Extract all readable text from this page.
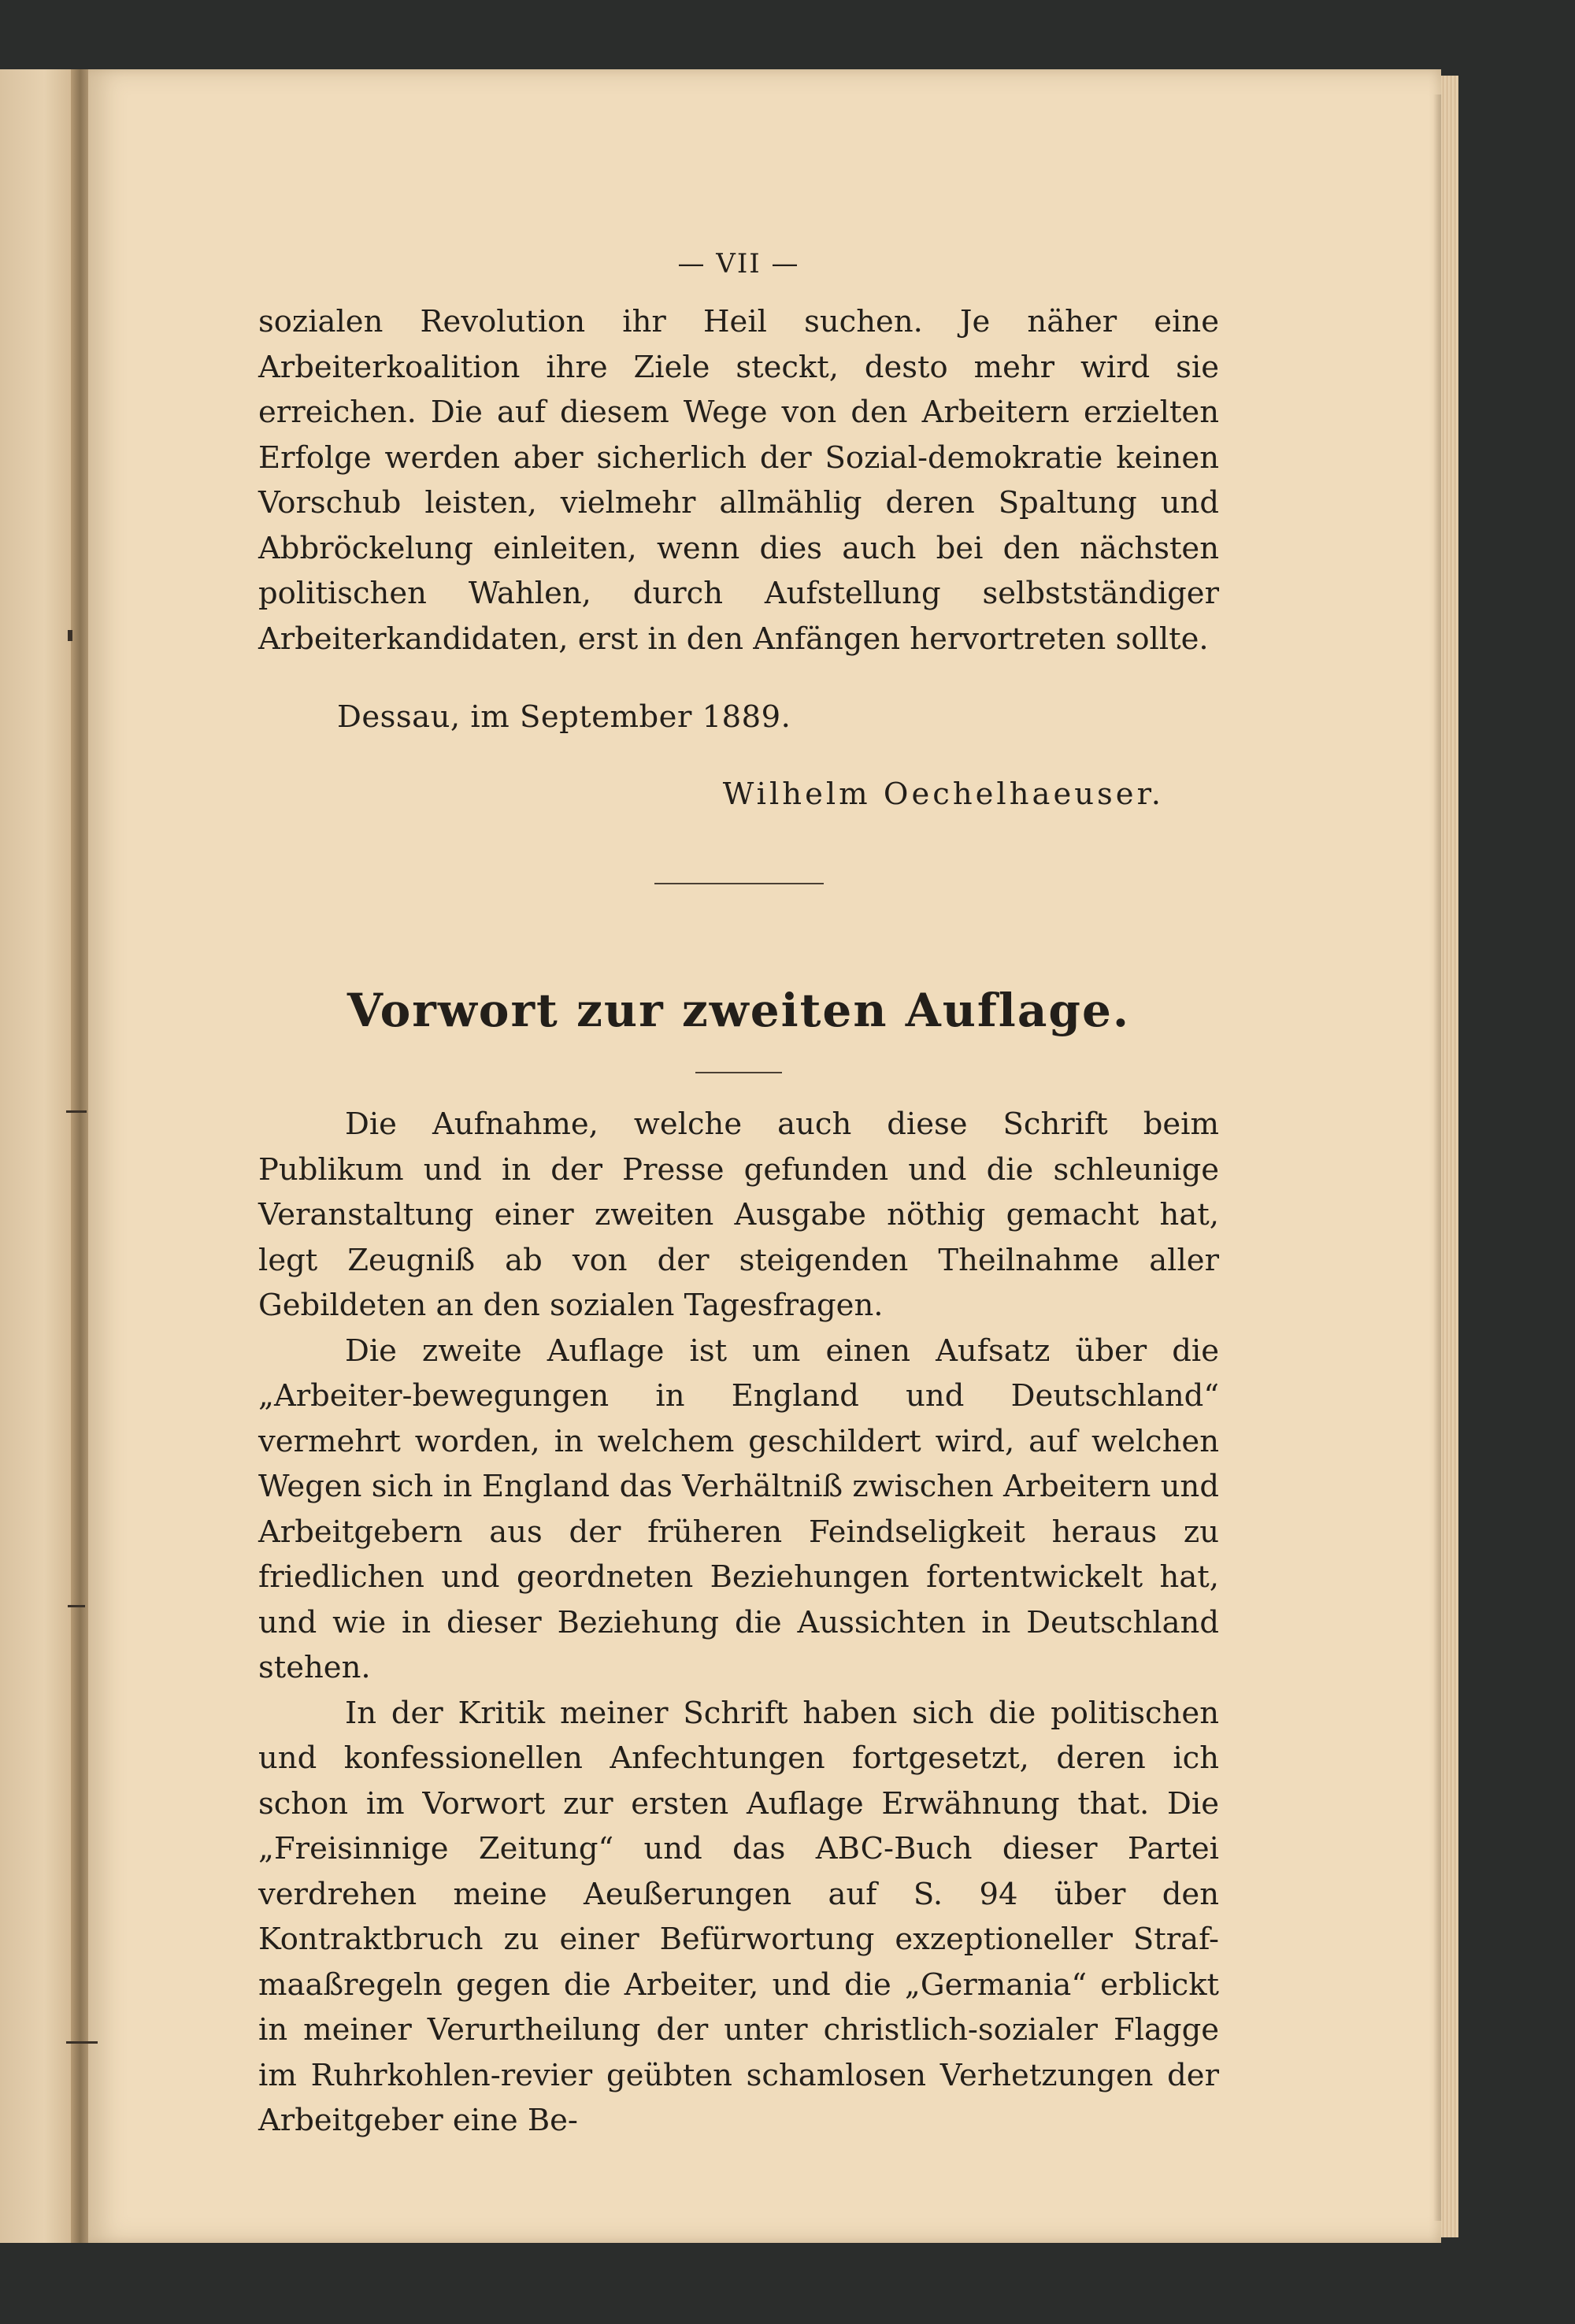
— VII —

sozialen Revolution ihr Heil suchen. Je näher eine Arbeiterkoalition ihre Ziele steckt, desto mehr wird sie erreichen. Die auf diesem Wege von den Arbeitern erzielten Erfolge werden aber sicherlich der Sozial-demokratie keinen Vorschub leisten, vielmehr allmählig deren Spaltung und Abbröckelung einleiten, wenn dies auch bei den nächsten politischen Wahlen, durch Aufstellung selbstständiger Arbeiterkandidaten, erst in den Anfängen hervortreten sollte.

Dessau, im September 1889.
Wilhelm Oechelhaeuser.
Vorwort zur zweiten Auflage.

Die Aufnahme, welche auch diese Schrift beim Publikum und in der Presse gefunden und die schleunige Veranstaltung einer zweiten Ausgabe nöthig gemacht hat, legt Zeugniß ab von der steigenden Theilnahme aller Gebildeten an den sozialen Tagesfragen.

Die zweite Auflage ist um einen Aufsatz über die „Arbeiter-bewegungen in England und Deutschland“ vermehrt worden, in welchem geschildert wird, auf welchen Wegen sich in England das Verhältniß zwischen Arbeitern und Arbeitgebern aus der früheren Feindseligkeit heraus zu friedlichen und geordneten Beziehungen fortentwickelt hat, und wie in dieser Beziehung die Aussichten in Deutschland stehen.

In der Kritik meiner Schrift haben sich die politischen und konfessionellen Anfechtungen fortgesetzt, deren ich schon im Vorwort zur ersten Auflage Erwähnung that. Die „Freisinnige Zeitung“ und das ABC-Buch dieser Partei verdrehen meine Aeußerungen auf S. 94 über den Kontraktbruch zu einer Befürwortung exzeptioneller Straf-maaßregeln gegen die Arbeiter, und die „Germania“ erblickt in meiner Verurtheilung der unter christlich-sozialer Flagge im Ruhrkohlen-revier geübten schamlosen Verhetzungen der Arbeitgeber eine Be-
